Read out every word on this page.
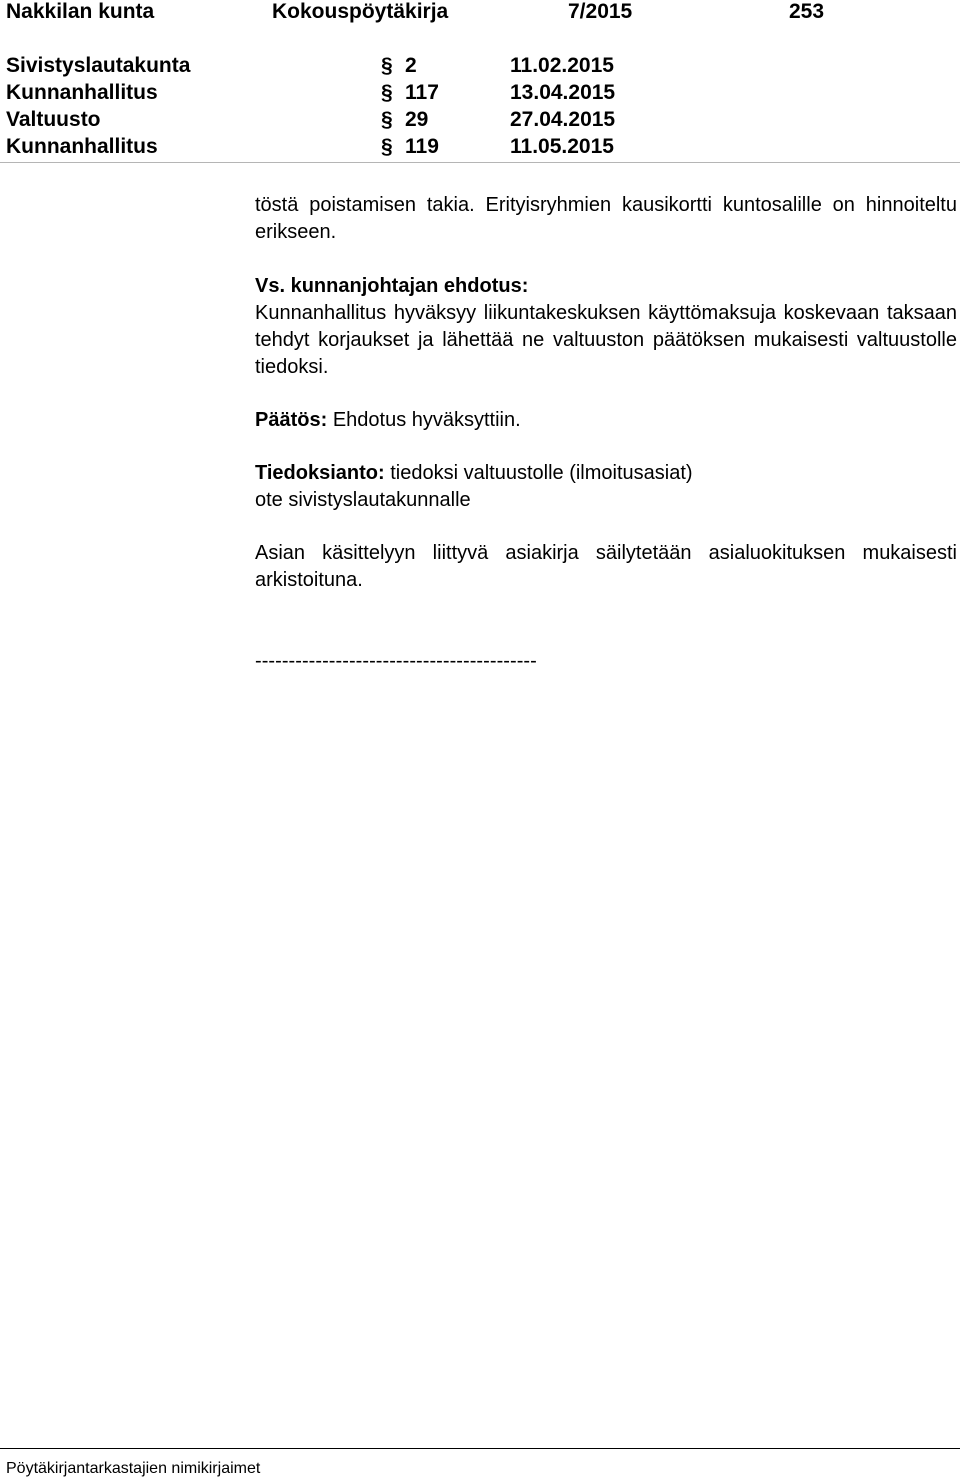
Nakkilan kunta	Kokouspöytäkirja	7/2015	253
Sivistyslautakunta	§ 2	11.02.2015
Kunnanhallitus	§ 117	13.04.2015
Valtuusto	§ 29	27.04.2015
Kunnanhallitus	§ 119	11.05.2015

töstä poistamisen takia. Erityisryhmien kausikortti kuntosalille on hinnoiteltu erikseen.

Vs. kunnanjohtajan ehdotus:

Kunnanhallitus hyväksyy liikuntakeskuksen käyttömaksuja koskevaan taksaan tehdyt korjaukset ja lähettää ne valtuuston päätöksen mukaisesti valtuustolle tiedoksi.

Päätös: Ehdotus hyväksyttiin.

Tiedoksianto: tiedoksi valtuustolle (ilmoitusasiat)

ote sivistyslautakunnalle

Asian käsittelyyn liittyvä asiakirja säilytetään asialuokituksen mukaisesti arkistoituna.

------------------------------------------
Pöytäkirjantarkastajien nimikirjaimet
